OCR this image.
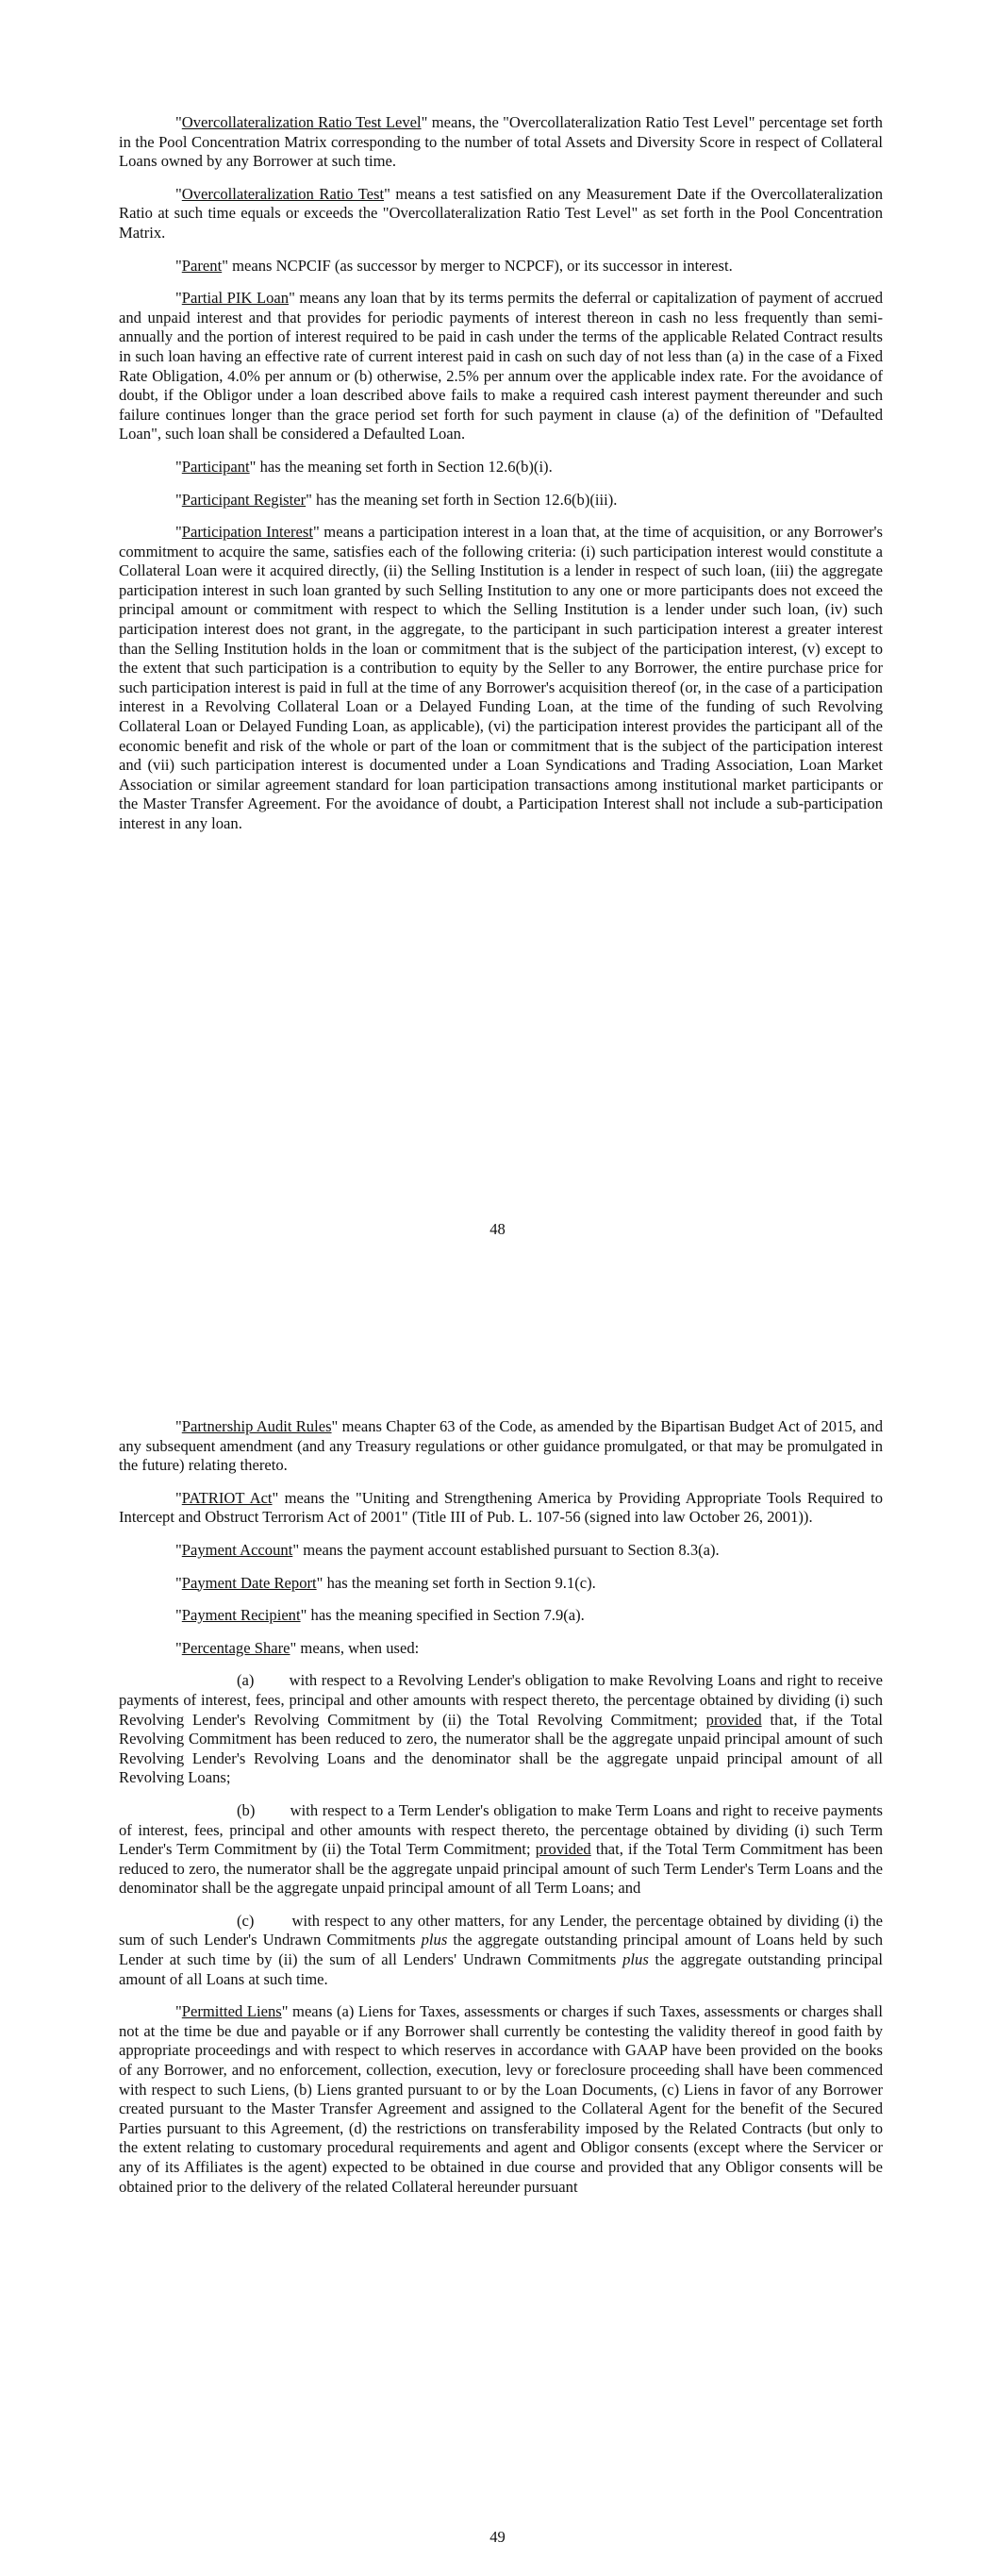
"Overcollateralization Ratio Test Level" means, the "Overcollateralization Ratio Test Level" percentage set forth in the Pool Concentration Matrix corresponding to the number of total Assets and Diversity Score in respect of Collateral Loans owned by any Borrower at such time.

"Overcollateralization Ratio Test" means a test satisfied on any Measurement Date if the Overcollateralization Ratio at such time equals or exceeds the "Overcollateralization Ratio Test Level" as set forth in the Pool Concentration Matrix.

"Parent" means NCPCIF (as successor by merger to NCPCF), or its successor in interest.

"Partial PIK Loan" means any loan that by its terms permits the deferral or capitalization of payment of accrued and unpaid interest and that provides for periodic payments of interest thereon in cash no less frequently than semi-annually and the portion of interest required to be paid in cash under the terms of the applicable Related Contract results in such loan having an effective rate of current interest paid in cash on such day of not less than (a) in the case of a Fixed Rate Obligation, 4.0% per annum or (b) otherwise, 2.5% per annum over the applicable index rate. For the avoidance of doubt, if the Obligor under a loan described above fails to make a required cash interest payment thereunder and such failure continues longer than the grace period set forth for such payment in clause (a) of the definition of "Defaulted Loan", such loan shall be considered a Defaulted Loan.

"Participant" has the meaning set forth in Section 12.6(b)(i).

"Participant Register" has the meaning set forth in Section 12.6(b)(iii).

"Participation Interest" means a participation interest in a loan that, at the time of acquisition, or any Borrower's commitment to acquire the same, satisfies each of the following criteria: (i) such participation interest would constitute a Collateral Loan were it acquired directly, (ii) the Selling Institution is a lender in respect of such loan, (iii) the aggregate participation interest in such loan granted by such Selling Institution to any one or more participants does not exceed the principal amount or commitment with respect to which the Selling Institution is a lender under such loan, (iv) such participation interest does not grant, in the aggregate, to the participant in such participation interest a greater interest than the Selling Institution holds in the loan or commitment that is the subject of the participation interest, (v) except to the extent that such participation is a contribution to equity by the Seller to any Borrower, the entire purchase price for such participation interest is paid in full at the time of any Borrower's acquisition thereof (or, in the case of a participation interest in a Revolving Collateral Loan or a Delayed Funding Loan, at the time of the funding of such Revolving Collateral Loan or Delayed Funding Loan, as applicable), (vi) the participation interest provides the participant all of the economic benefit and risk of the whole or part of the loan or commitment that is the subject of the participation interest and (vii) such participation interest is documented under a Loan Syndications and Trading Association, Loan Market Association or similar agreement standard for loan participation transactions among institutional market participants or the Master Transfer Agreement. For the avoidance of doubt, a Participation Interest shall not include a sub-participation interest in any loan.

48

"Partnership Audit Rules" means Chapter 63 of the Code, as amended by the Bipartisan Budget Act of 2015, and any subsequent amendment (and any Treasury regulations or other guidance promulgated, or that may be promulgated in the future) relating thereto.

"PATRIOT Act" means the "Uniting and Strengthening America by Providing Appropriate Tools Required to Intercept and Obstruct Terrorism Act of 2001" (Title III of Pub. L. 107-56 (signed into law October 26, 2001)).

"Payment Account" means the payment account established pursuant to Section 8.3(a).

"Payment Date Report" has the meaning set forth in Section 9.1(c).

"Payment Recipient" has the meaning specified in Section 7.9(a).

"Percentage Share" means, when used:

(a) with respect to a Revolving Lender's obligation to make Revolving Loans and right to receive payments of interest, fees, principal and other amounts with respect thereto, the percentage obtained by dividing (i) such Revolving Lender's Revolving Commitment by (ii) the Total Revolving Commitment; provided that, if the Total Revolving Commitment has been reduced to zero, the numerator shall be the aggregate unpaid principal amount of such Revolving Lender's Revolving Loans and the denominator shall be the aggregate unpaid principal amount of all Revolving Loans;

(b) with respect to a Term Lender's obligation to make Term Loans and right to receive payments of interest, fees, principal and other amounts with respect thereto, the percentage obtained by dividing (i) such Term Lender's Term Commitment by (ii) the Total Term Commitment; provided that, if the Total Term Commitment has been reduced to zero, the numerator shall be the aggregate unpaid principal amount of such Term Lender's Term Loans and the denominator shall be the aggregate unpaid principal amount of all Term Loans; and

(c) with respect to any other matters, for any Lender, the percentage obtained by dividing (i) the sum of such Lender's Undrawn Commitments plus the aggregate outstanding principal amount of Loans held by such Lender at such time by (ii) the sum of all Lenders' Undrawn Commitments plus the aggregate outstanding principal amount of all Loans at such time.

"Permitted Liens" means (a) Liens for Taxes, assessments or charges if such Taxes, assessments or charges shall not at the time be due and payable or if any Borrower shall currently be contesting the validity thereof in good faith by appropriate proceedings and with respect to which reserves in accordance with GAAP have been provided on the books of any Borrower, and no enforcement, collection, execution, levy or foreclosure proceeding shall have been commenced with respect to such Liens, (b) Liens granted pursuant to or by the Loan Documents, (c) Liens in favor of any Borrower created pursuant to the Master Transfer Agreement and assigned to the Collateral Agent for the benefit of the Secured Parties pursuant to this Agreement, (d) the restrictions on transferability imposed by the Related Contracts (but only to the extent relating to customary procedural requirements and agent and Obligor consents (except where the Servicer or any of its Affiliates is the agent) expected to be obtained in due course and provided that any Obligor consents will be obtained prior to the delivery of the related Collateral hereunder pursuant

49
